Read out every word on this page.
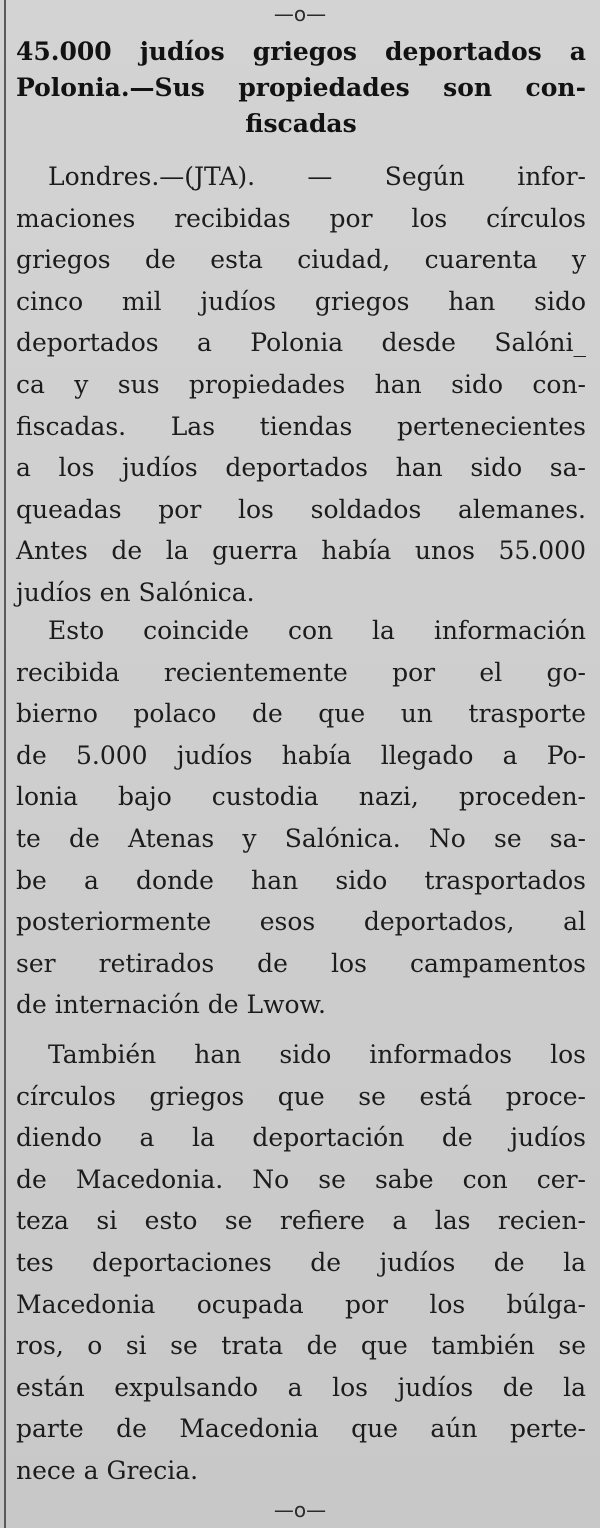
—o—
45.000 judíos griegos deportados a
Polonia.—Sus propiedades son con-
fiscadas
Londres.—(JTA). — Según infor-
maciones recibidas por los círculos
griegos de esta ciudad, cuarenta y
cinco mil judíos griegos han sido
deportados a Polonia desde Salóni_
ca y sus propiedades han sido con-
fiscadas. Las tiendas pertenecientes
a los judíos deportados han sido sa-
queadas por los soldados alemanes.
Antes de la guerra había unos 55.000
judíos en Salónica.
Esto coincide con la información
recibida recientemente por el go-
bierno polaco de que un trasporte
de 5.000 judíos había llegado a Po-
lonia bajo custodia nazi, proceden-
te de Atenas y Salónica. No se sa-
be a donde han sido trasportados
posteriormente esos deportados, al
ser retirados de los campamentos
de internación de Lwow.
También han sido informados los
círculos griegos que se está proce-
diendo a la deportación de judíos
de Macedonia. No se sabe con cer-
teza si esto se refiere a las recien-
tes deportaciones de judíos de la
Macedonia ocupada por los búlga-
ros, o si se trata de que también se
están expulsando a los judíos de la
parte de Macedonia que aún perte-
nece a Grecia.
—o—
